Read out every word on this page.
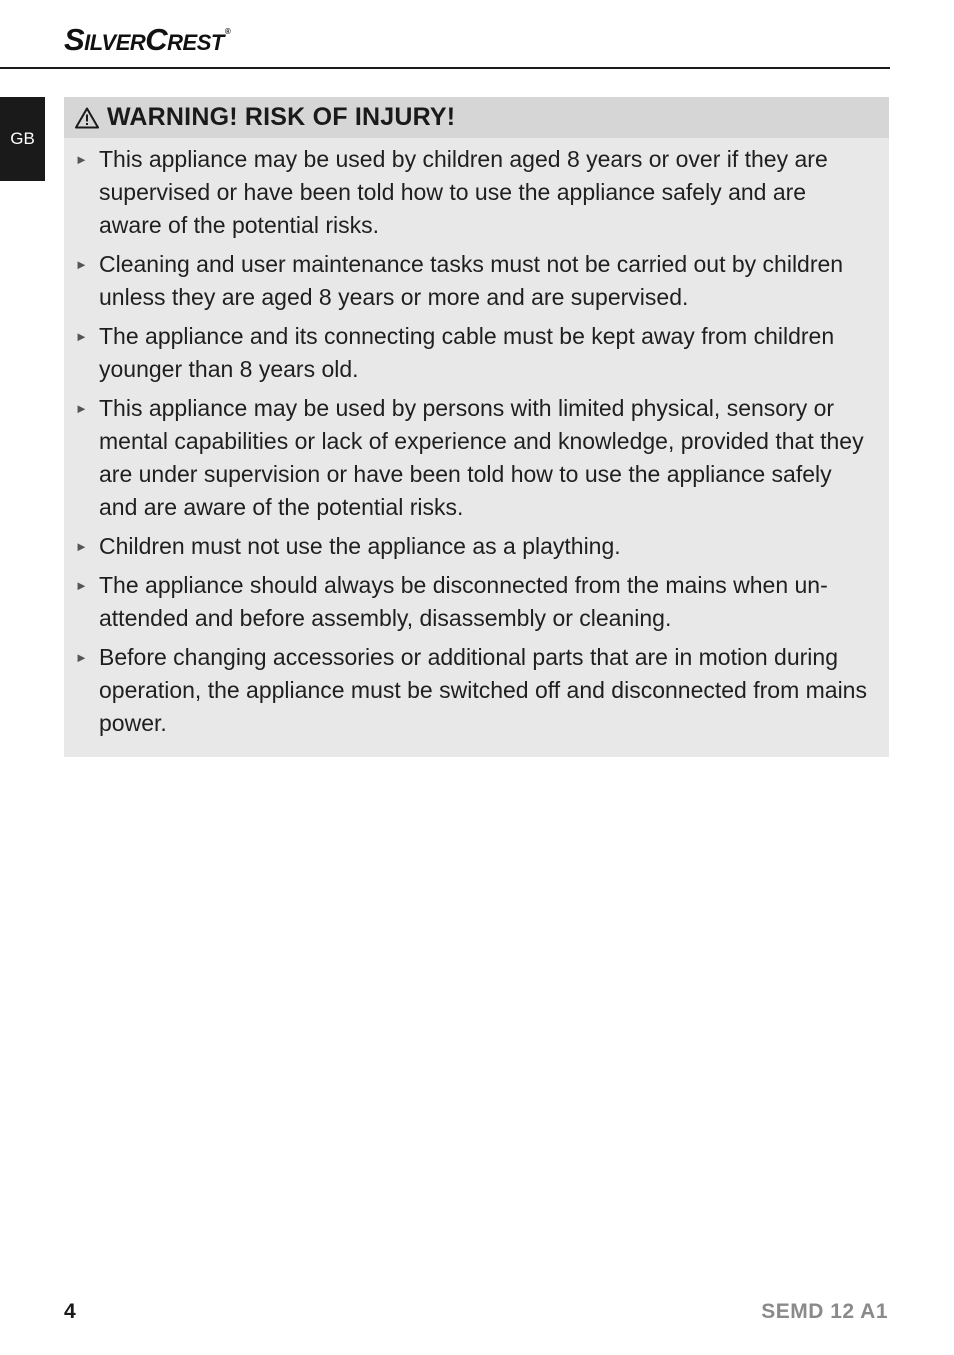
SilverCrest®
GB
WARNING! RISK OF INJURY!
► This appliance may be used by children aged 8 years or over if they are supervised or have been told how to use the appliance safely and are aware of the potential risks.
► Cleaning and user maintenance tasks must not be carried out by children unless they are aged 8 years or more and are supervised.
► The appliance and its connecting cable must be kept away from children younger than 8 years old.
► This appliance may be used by persons with limited physical, sensory or mental capabilities or lack of experience and knowledge, provided that they are under supervision or have been told how to use the appliance safely and are aware of the potential risks.
► Children must not use the appliance as a plaything.
► The appliance should always be disconnected from the mains when un-attended and before assembly, disassembly or cleaning.
► Before changing accessories or additional parts that are in motion during operation, the appliance must be switched off and disconnected from mains power.
4	SEMD 12 A1
